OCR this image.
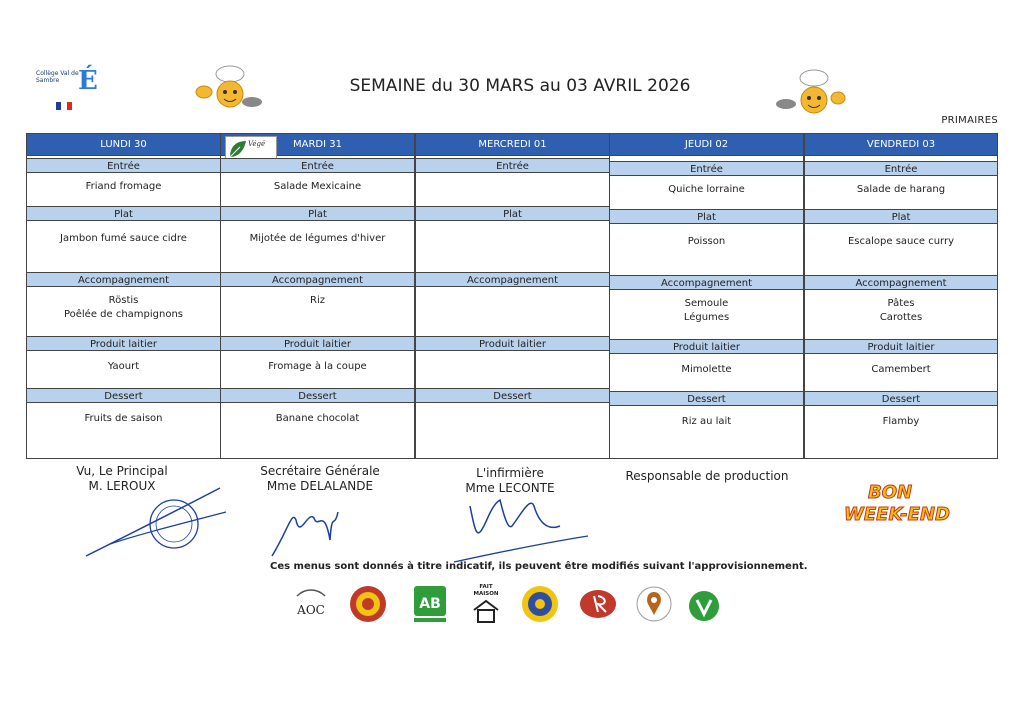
Collège Val de Sambre É	SEMAINE du 30 MARS au 03 AVRIL 2026
PRIMAIRES
LUNDI 30
Entrée
Friand fromage
Plat
Jambon fumé sauce cidre
Accompagnement
Röstis
Poêlée de champignons
Produit laitier
Yaourt
Dessert
Fruits de saison
MARDI 31
Végé
Entrée
Salade Mexicaine
Plat
Mijotée de légumes d'hiver
Accompagnement
Riz
Produit laitier
Fromage à la coupe
Dessert
Banane chocolat
MERCREDI 01
Entrée
Plat
Accompagnement
Produit laitier
Dessert
JEUDI 02
Entrée
Quiche lorraine
Plat
Poisson
Accompagnement
Semoule
Légumes
Produit laitier
Mimolette
Dessert
Riz au lait
VENDREDI 03
Entrée
Salade de harang
Plat
Escalope sauce curry
Accompagnement
Pâtes
Carottes
Produit laitier
Camembert
Dessert
Flamby
Vu, Le Principal
M. LEROUX
Secrétaire Générale
Mme DELALANDE
L'infirmière
Mme LECONTE
Responsable de production
BON
WEEK-END
Ces menus sont donnés à titre indicatif, ils peuvent être modifiés suivant l'approvisionnement.
AOC	AB
FAIT MAISON
